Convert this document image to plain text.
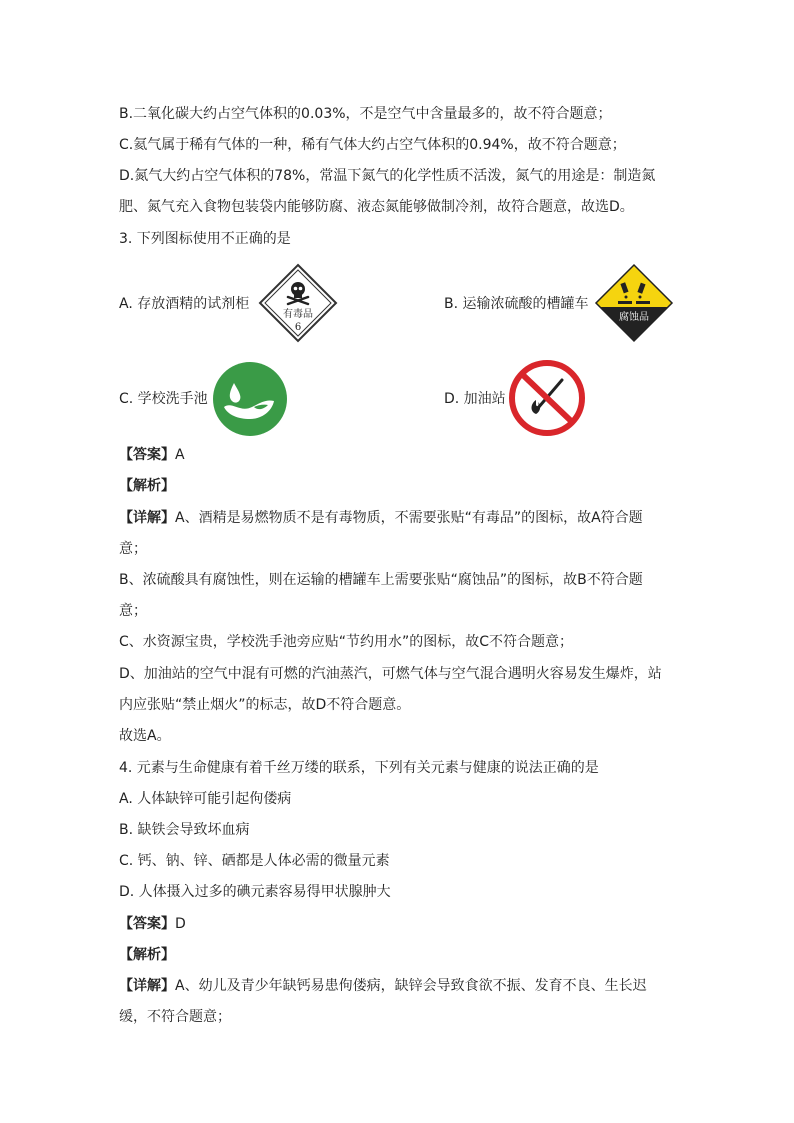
B.二氧化碳大约占空气体积的0.03%，不是空气中含量最多的，故不符合题意；
C.氦气属于稀有气体的一种，稀有气体大约占空气体积的0.94%，故不符合题意；
D.氮气大约占空气体积的78%，常温下氮气的化学性质不活泼，氮气的用途是：制造氮
肥、氮气充入食物包装袋内能够防腐、液态氮能够做制冷剂，故符合题意，故选D。
3. 下列图标使用不正确的是
A. 存放酒精的试剂柜	B. 运输浓硫酸的槽罐车
C. 学校洗手池	D. 加油站
有毒品
6
腐蚀品
【答案】A
【解析】
【详解】A、酒精是易燃物质不是有毒物质，不需要张贴“有毒品”的图标，故A符合题
意；
B、浓硫酸具有腐蚀性，则在运输的槽罐车上需要张贴“腐蚀品”的图标，故B不符合题
意；
C、水资源宝贵，学校洗手池旁应贴“节约用水”的图标，故C不符合题意；
D、加油站的空气中混有可燃的汽油蒸汽，可燃气体与空气混合遇明火容易发生爆炸，站
内应张贴“禁止烟火”的标志，故D不符合题意。
故选A。
4. 元素与生命健康有着千丝万缕的联系，下列有关元素与健康的说法正确的是
A. 人体缺锌可能引起佝偻病
B. 缺铁会导致坏血病
C. 钙、钠、锌、硒都是人体必需的微量元素
D. 人体摄入过多的碘元素容易得甲状腺肿大
【答案】D
【解析】
【详解】A、幼儿及青少年缺钙易患佝偻病，缺锌会导致食欲不振、发育不良、生长迟
缓，不符合题意；
